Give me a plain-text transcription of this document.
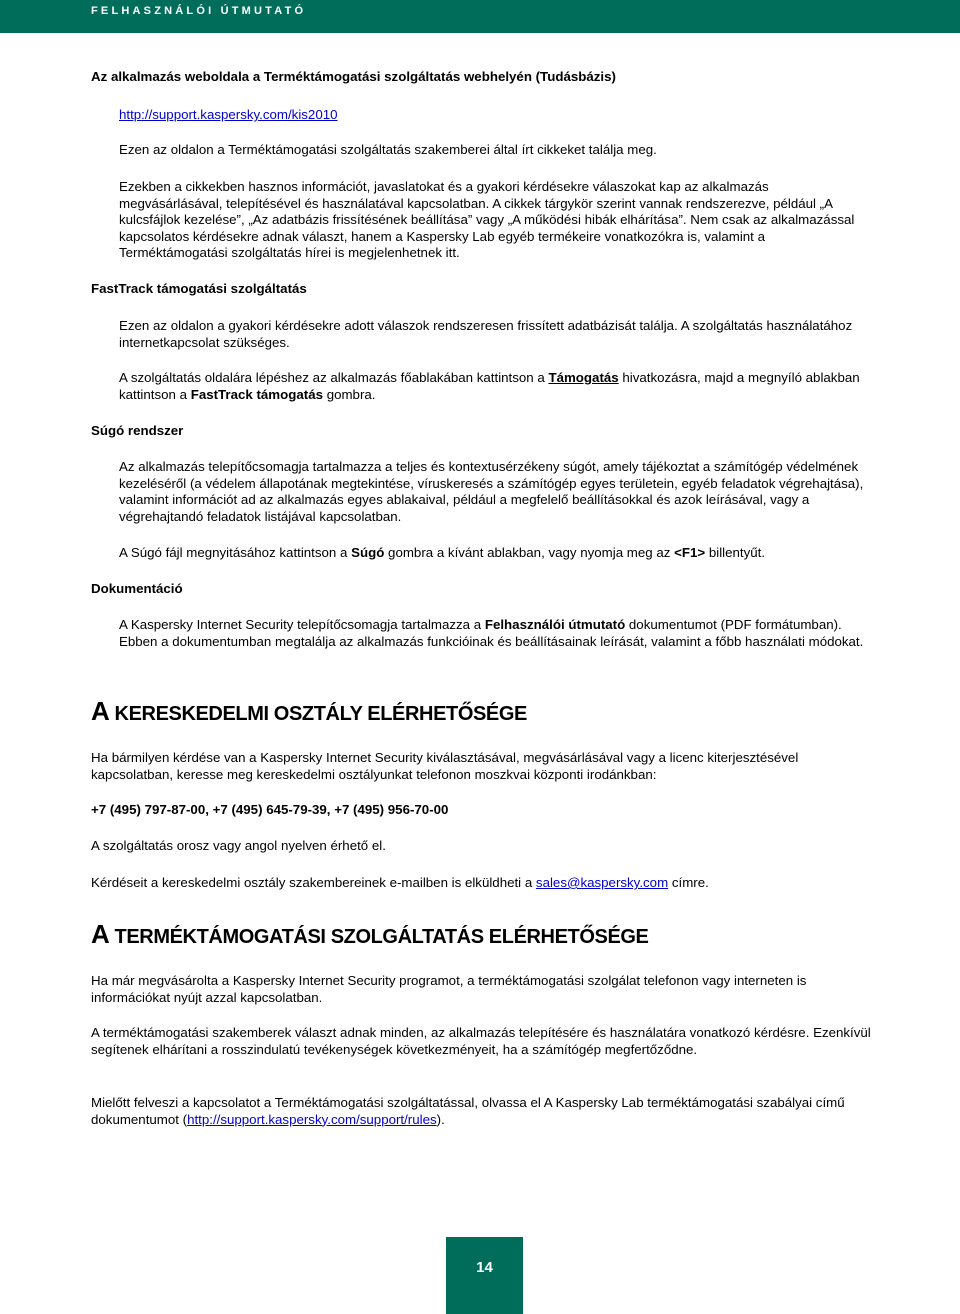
FELHASZNÁLÓI ÚTMUTATÓ

Az alkalmazás weboldala a Terméktámogatási szolgáltatás webhelyén (Tudásbázis)

http://support.kaspersky.com/kis2010

Ezen az oldalon a Terméktámogatási szolgáltatás szakemberei által írt cikkeket találja meg.

Ezekben a cikkekben hasznos információt, javaslatokat és a gyakori kérdésekre válaszokat kap az alkalmazás megvásárlásával, telepítésével és használatával kapcsolatban. A cikkek tárgykör szerint vannak rendszerezve, például „A kulcsfájlok kezelése”, „Az adatbázis frissítésének beállítása” vagy „A működési hibák elhárítása”. Nem csak az alkalmazással kapcsolatos kérdésekre adnak választ, hanem a Kaspersky Lab egyéb termékeire vonatkozókra is, valamint a Terméktámogatási szolgáltatás hírei is megjelenhetnek itt.

FastTrack támogatási szolgáltatás

Ezen az oldalon a gyakori kérdésekre adott válaszok rendszeresen frissített adatbázisát találja. A szolgáltatás használatához internetkapcsolat szükséges.

A szolgáltatás oldalára lépéshez az alkalmazás főablakában kattintson a Támogatás hivatkozásra, majd a megnyíló ablakban kattintson a FastTrack támogatás gombra.

Súgó rendszer

Az alkalmazás telepítőcsomagja tartalmazza a teljes és kontextusérzékeny súgót, amely tájékoztat a számítógép védelmének kezeléséről (a védelem állapotának megtekintése, víruskeresés a számítógép egyes területein, egyéb feladatok végrehajtása), valamint információt ad az alkalmazás egyes ablakaival, például a megfelelő beállításokkal és azok leírásával, vagy a végrehajtandó feladatok listájával kapcsolatban.

A Súgó fájl megnyitásához kattintson a Súgó gombra a kívánt ablakban, vagy nyomja meg az <F1> billentyűt.

Dokumentáció

A Kaspersky Internet Security telepítőcsomagja tartalmazza a Felhasználói útmutató dokumentumot (PDF formátumban). Ebben a dokumentumban megtalálja az alkalmazás funkcióinak és beállításainak leírását, valamint a főbb használati módokat.

A KERESKEDELMI OSZTÁLY ELÉRHETŐSÉGE

Ha bármilyen kérdése van a Kaspersky Internet Security kiválasztásával, megvásárlásával vagy a licenc kiterjesztésével kapcsolatban, keresse meg kereskedelmi osztályunkat telefonon moszkvai központi irodánkban:

+7 (495) 797-87-00, +7 (495) 645-79-39, +7 (495) 956-70-00

A szolgáltatás orosz vagy angol nyelven érhető el.

Kérdéseit a kereskedelmi osztály szakembereinek e-mailben is elküldheti a sales@kaspersky.com címre.

A TERMÉKTÁMOGATÁSI SZOLGÁLTATÁS ELÉRHETŐSÉGE

Ha már megvásárolta a Kaspersky Internet Security programot, a terméktámogatási szolgálat telefonon vagy interneten is információkat nyújt azzal kapcsolatban.

A terméktámogatási szakemberek választ adnak minden, az alkalmazás telepítésére és használatára vonatkozó kérdésre. Ezenkívül segítenek elhárítani a rosszindulatú tevékenységek következményeit, ha a számítógép megfertőződne.

Mielőtt felveszi a kapcsolatot a Terméktámogatási szolgáltatással, olvassa el A Kaspersky Lab terméktámogatási szabályai című dokumentumot (http://support.kaspersky.com/support/rules).

14
